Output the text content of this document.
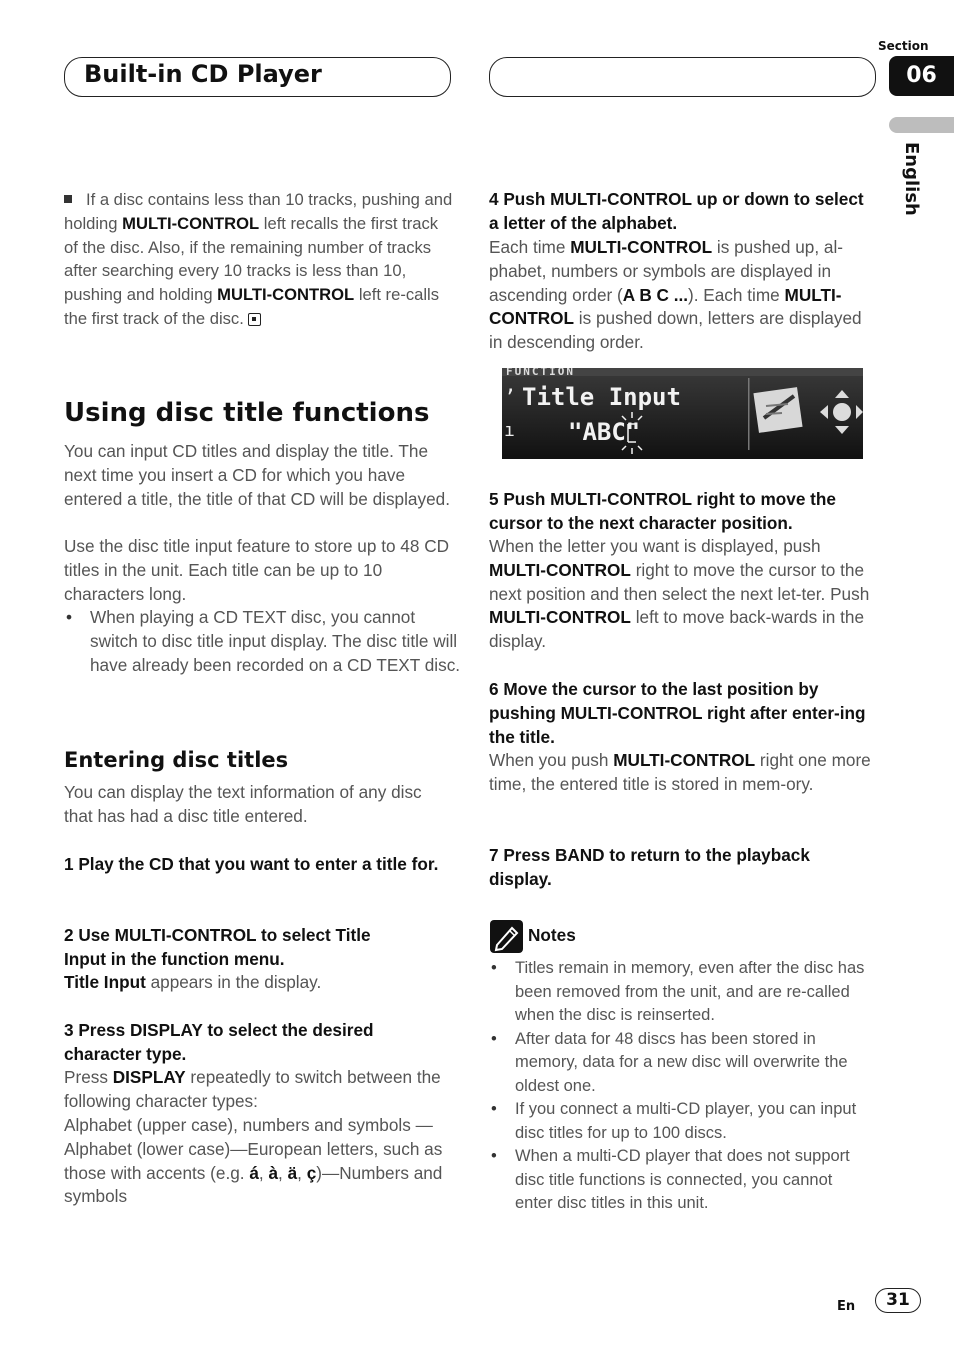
Built-in CD Player
Section
06
English
If a disc contains less than 10 tracks, pushing and holding MULTI-CONTROL left recalls the first track of the disc. Also, if the remaining number of tracks after searching every 10 tracks is less than 10, pushing and holding MULTI-CONTROL left re-calls the first track of the disc.
Using disc title functions
You can input CD titles and display the title. The next time you insert a CD for which you have entered a title, the title of that CD will be displayed.
Use the disc title input feature to store up to 48 CD titles in the unit. Each title can be up to 10 characters long.
• When playing a CD TEXT disc, you cannot switch to disc title input display. The disc title will have already been recorded on a CD TEXT disc.
Entering disc titles
You can display the text information of any disc that has had a disc title entered.
1 Play the CD that you want to enter a title for.
2 Use MULTI-CONTROL to select Title Input in the function menu.
Title Input appears in the display.
3 Press DISPLAY to select the desired character type.
Press DISPLAY repeatedly to switch between the following character types:
Alphabet (upper case), numbers and symbols —Alphabet (lower case)—European letters, such as those with accents (e.g. á, à, ä, ç)—Numbers and symbols
4 Push MULTI-CONTROL up or down to select a letter of the alphabet.
Each time MULTI-CONTROL is pushed up, al-phabet, numbers or symbols are displayed in ascending order (A B C ...). Each time MULTI-CONTROL is pushed down, letters are displayed in descending order.
FUNCTION
’ Title Input
ı "ABC"
5 Push MULTI-CONTROL right to move the cursor to the next character position.
When the letter you want is displayed, push MULTI-CONTROL right to move the cursor to the next position and then select the next let-ter. Push MULTI-CONTROL left to move back-wards in the display.
6 Move the cursor to the last position by pushing MULTI-CONTROL right after enter-ing the title.
When you push MULTI-CONTROL right one more time, the entered title is stored in mem-ory.
7 Press BAND to return to the playback display.
Notes
• Titles remain in memory, even after the disc has been removed from the unit, and are re-called when the disc is reinserted.
• After data for 48 discs has been stored in memory, data for a new disc will overwrite the oldest one.
• If you connect a multi-CD player, you can input disc titles for up to 100 discs.
• When a multi-CD player that does not support disc title functions is connected, you cannot enter disc titles in this unit.
En	31
